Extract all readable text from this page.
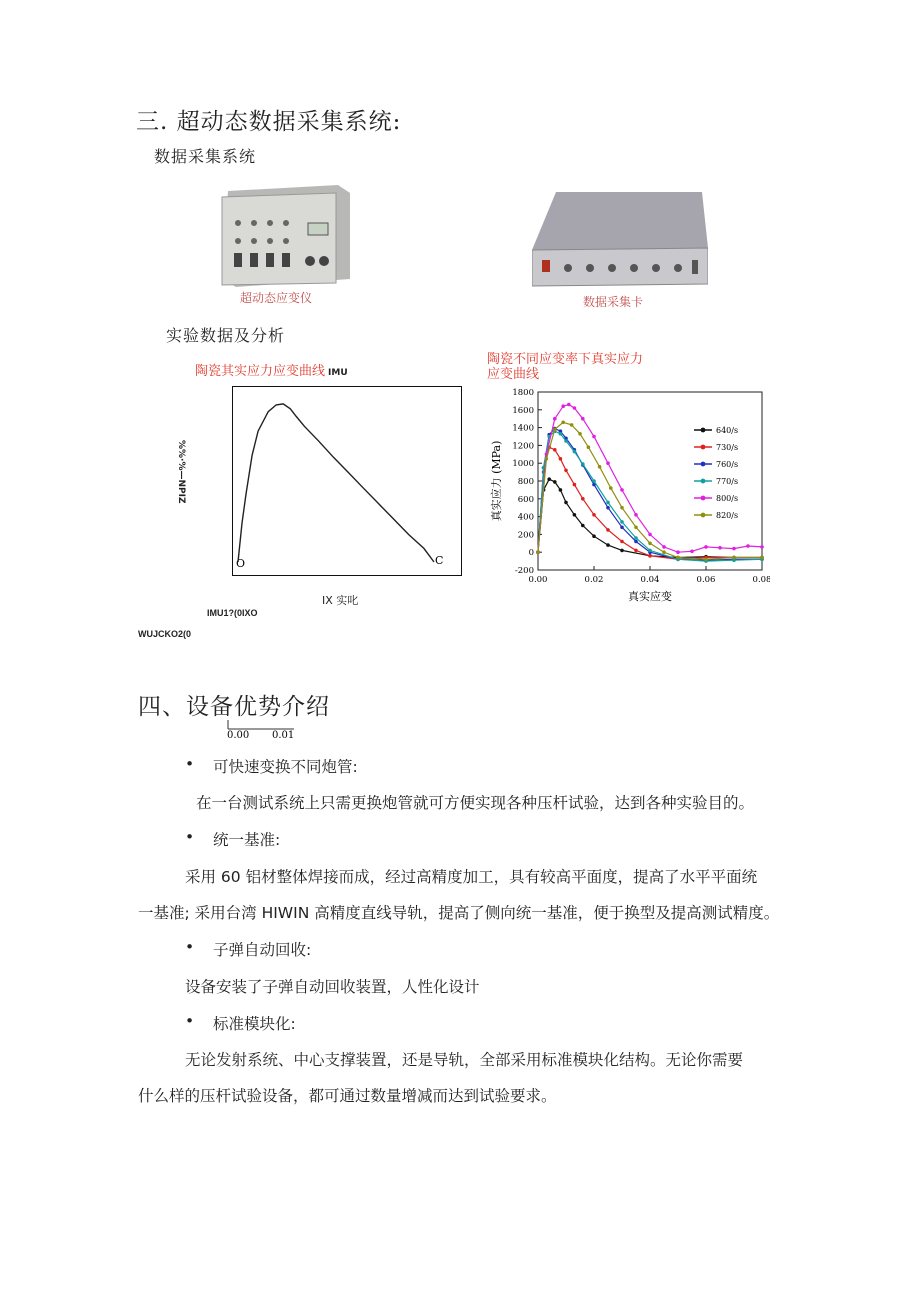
三. 超动态数据采集系统:
数据采集系统
超动态应变仪	数据采集卡
实验数据及分析
陶瓷其实应力应变曲线 IMU
O	C
%%·%—NPIZ
IX 实叱
IMU1?(0IXO
WUJCKO2(0
陶瓷不同应变率下真实应力
应变曲线
-200
0
200
400
600
800
1000
1200
1400
1600
1800
0.00	0.02	0.04	0.06	0.08
真实应变
真实应力 (MPa)
640/s
730/s
760/s
770/s
800/s
820/s
四、设备优势介绍
0.00 0.01
• 可快速变换不同炮管:
在一台测试系统上只需更换炮管就可方便实现各种压杆试验，达到各种实验目的。
• 统一基准:
采用 60 铝材整体焊接而成，经过高精度加工，具有较高平面度，提高了水平平面统
一基准; 采用台湾 HIWIN 高精度直线导轨，提高了侧向统一基准，便于换型及提高测试精度。
• 子弹自动回收:
设备安装了子弹自动回收装置，人性化设计
• 标准模块化:
无论发射系统、中心支撑装置，还是导轨，全部采用标准模块化结构。无论你需要
什么样的压杆试验设备，都可通过数量增减而达到试验要求。
